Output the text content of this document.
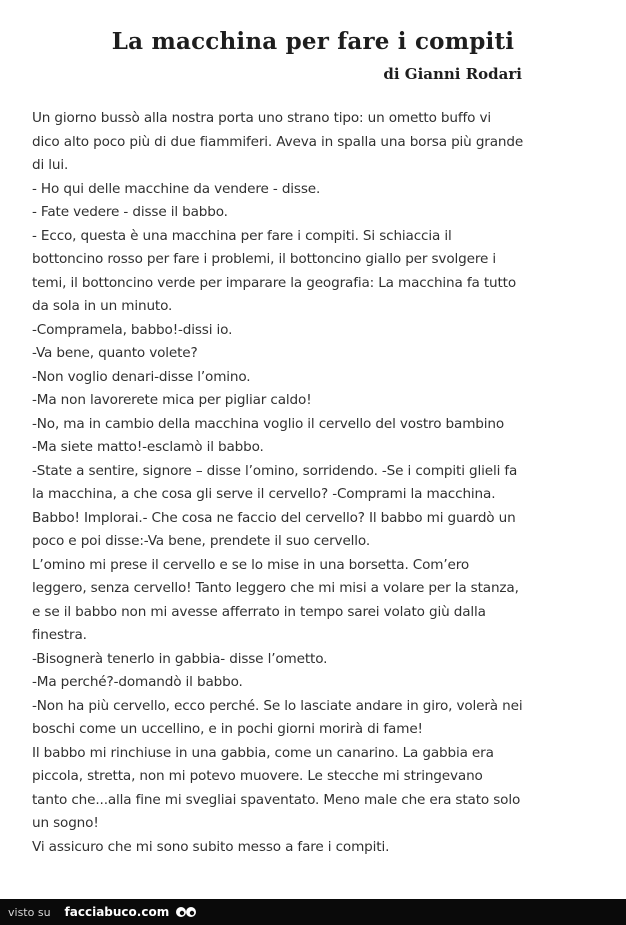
La macchina per fare i compiti
di Gianni Rodari
Un giorno bussò alla nostra porta uno strano tipo: un ometto buffo vi
dico alto poco più di due fiammiferi. Aveva in spalla una borsa più grande
di lui.
- Ho qui delle macchine da vendere - disse.
- Fate vedere - disse il babbo.
- Ecco, questa è una macchina per fare i compiti. Si schiaccia il
bottoncino rosso per fare i problemi, il bottoncino giallo per svolgere i
temi, il bottoncino verde per imparare la geografia: La macchina fa tutto
da sola in un minuto.
-Compramela, babbo!-dissi io.
-Va bene, quanto volete?
-Non voglio denari-disse l’omino.
-Ma non lavorerete mica per pigliar caldo!
-No, ma in cambio della macchina voglio il cervello del vostro bambino
-Ma siete matto!-esclamò il babbo.
-State a sentire, signore – disse l’omino, sorridendo. -Se i compiti glieli fa
la macchina, a che cosa gli serve il cervello? -Comprami la macchina.
Babbo! Implorai.- Che cosa ne faccio del cervello? Il babbo mi guardò un
poco e poi disse:-Va bene, prendete il suo cervello.
L’omino mi prese il cervello e se lo mise in una borsetta. Com’ero
leggero, senza cervello! Tanto leggero che mi misi a volare per la stanza,
e se il babbo non mi avesse afferrato in tempo sarei volato giù dalla
finestra.
-Bisognerà tenerlo in gabbia- disse l’ometto.
-Ma perché?-domandò il babbo.
-Non ha più cervello, ecco perché. Se lo lasciate andare in giro, volerà nei
boschi come un uccellino, e in pochi giorni morirà di fame!
Il babbo mi rinchiuse in una gabbia, come un canarino. La gabbia era
piccola, stretta, non mi potevo muovere. Le stecche mi stringevano
tanto che...alla fine mi svegliai spaventato. Meno male che era stato solo
un sogno!
Vi assicuro che mi sono subito messo a fare i compiti.
visto su facciabuco.com
